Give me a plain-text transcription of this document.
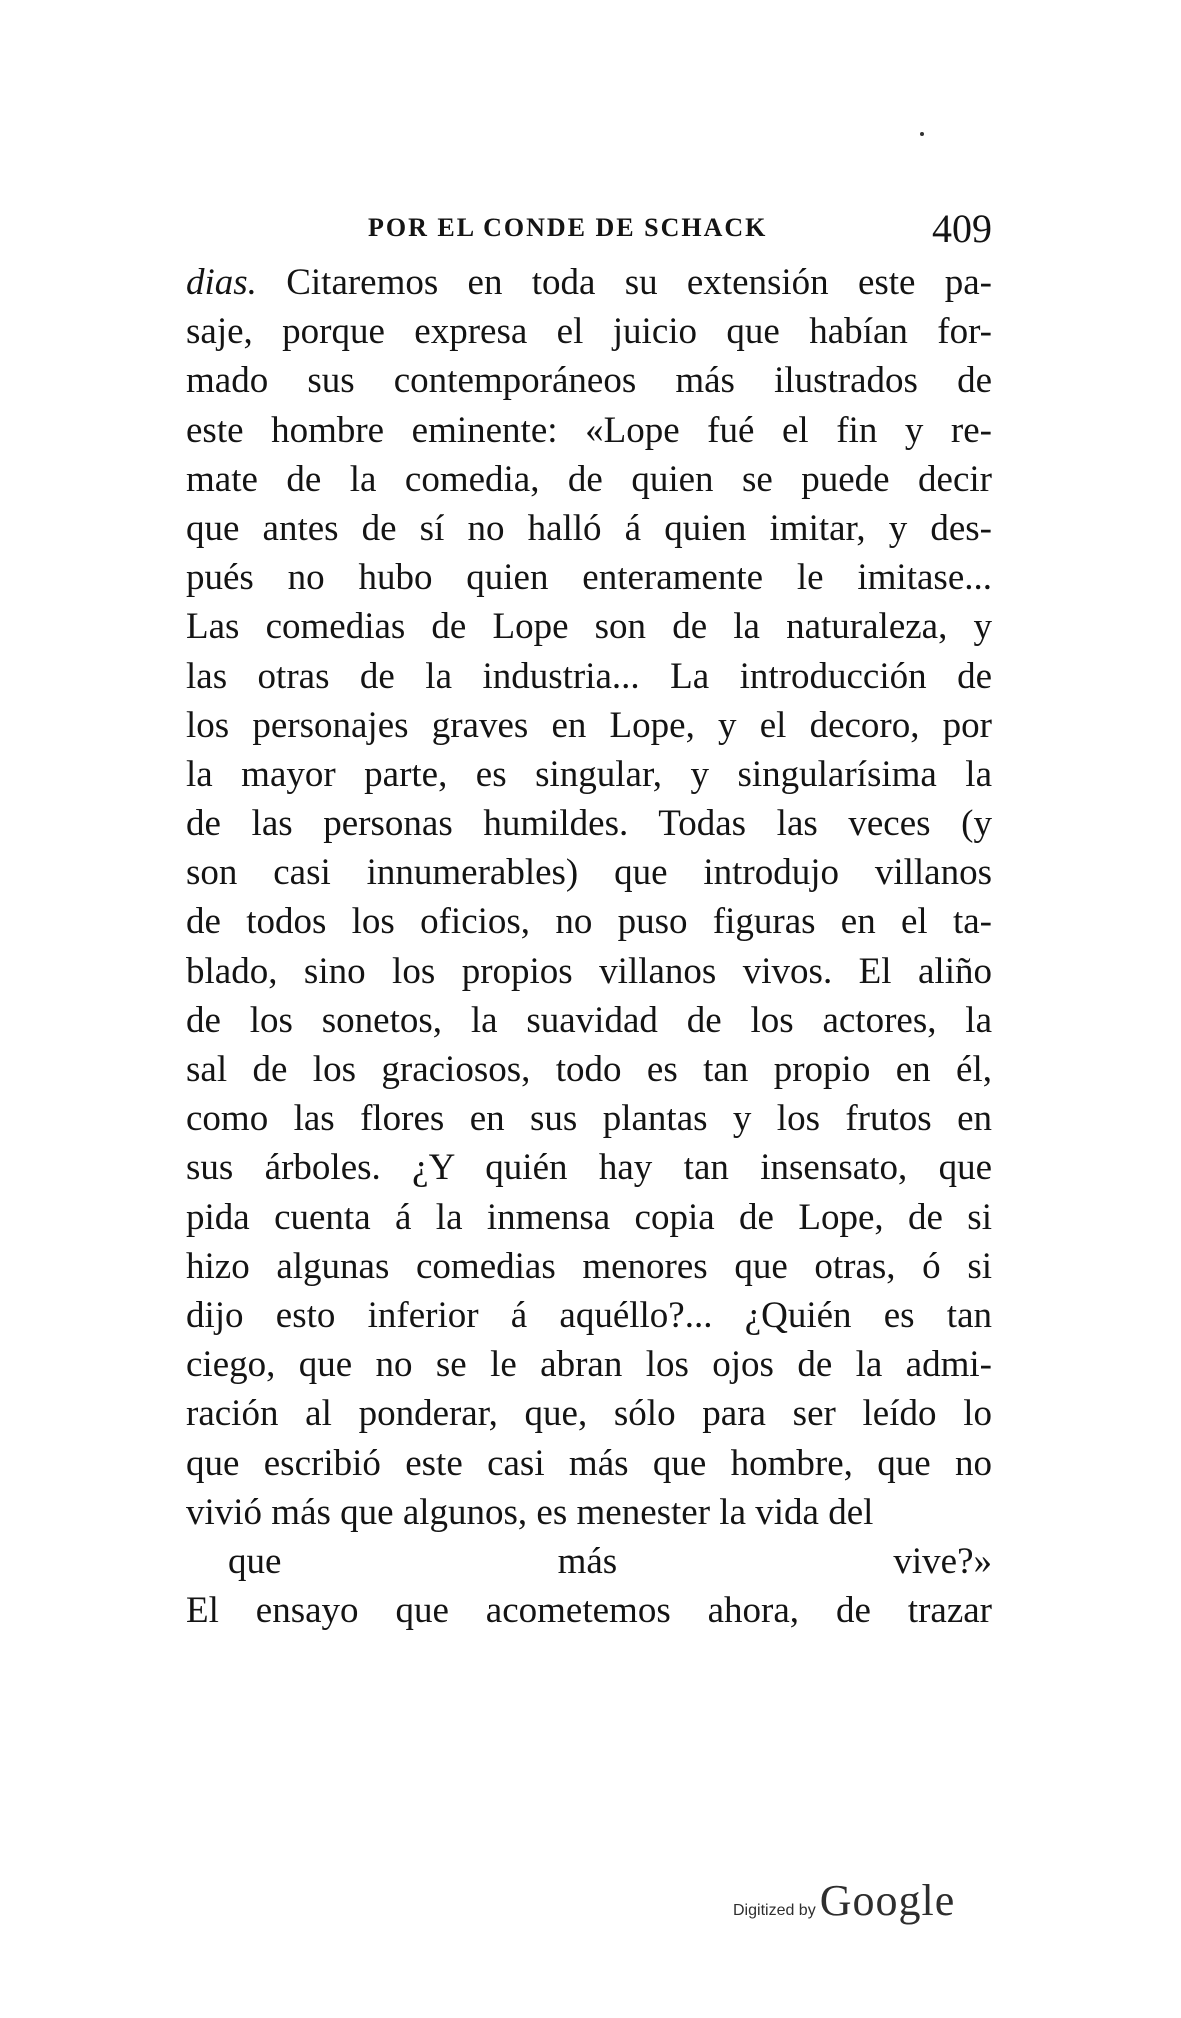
POR EL CONDE DE SCHACK	409
dias. Citaremos en toda su extensión este pa-
saje, porque expresa el juicio que habían for-
mado sus contemporáneos más ilustrados de
este hombre eminente: «Lope fué el fin y re-
mate de la comedia, de quien se puede decir
que antes de sí no halló á quien imitar, y des-
pués no hubo quien enteramente le imitase...
Las comedias de Lope son de la naturaleza, y
las otras de la industria... La introducción de
los personajes graves en Lope, y el decoro, por
la mayor parte, es singular, y singularísima la
de las personas humildes. Todas las veces (y
son casi innumerables) que introdujo villanos
de todos los oficios, no puso figuras en el ta-
blado, sino los propios villanos vivos. El aliño
de los sonetos, la suavidad de los actores, la
sal de los graciosos, todo es tan propio en él,
como las flores en sus plantas y los frutos en
sus árboles. ¿Y quién hay tan insensato, que
pida cuenta á la inmensa copia de Lope, de si
hizo algunas comedias menores que otras, ó si
dijo esto inferior á aquéllo?... ¿Quién es tan
ciego, que no se le abran los ojos de la admi-
ración al ponderar, que, sólo para ser leído lo
que escribió este casi más que hombre, que no
vivió más que algunos, es menester la vida del
que más vive?»
El ensayo que acometemos ahora, de trazar
Digitized byGoogle
